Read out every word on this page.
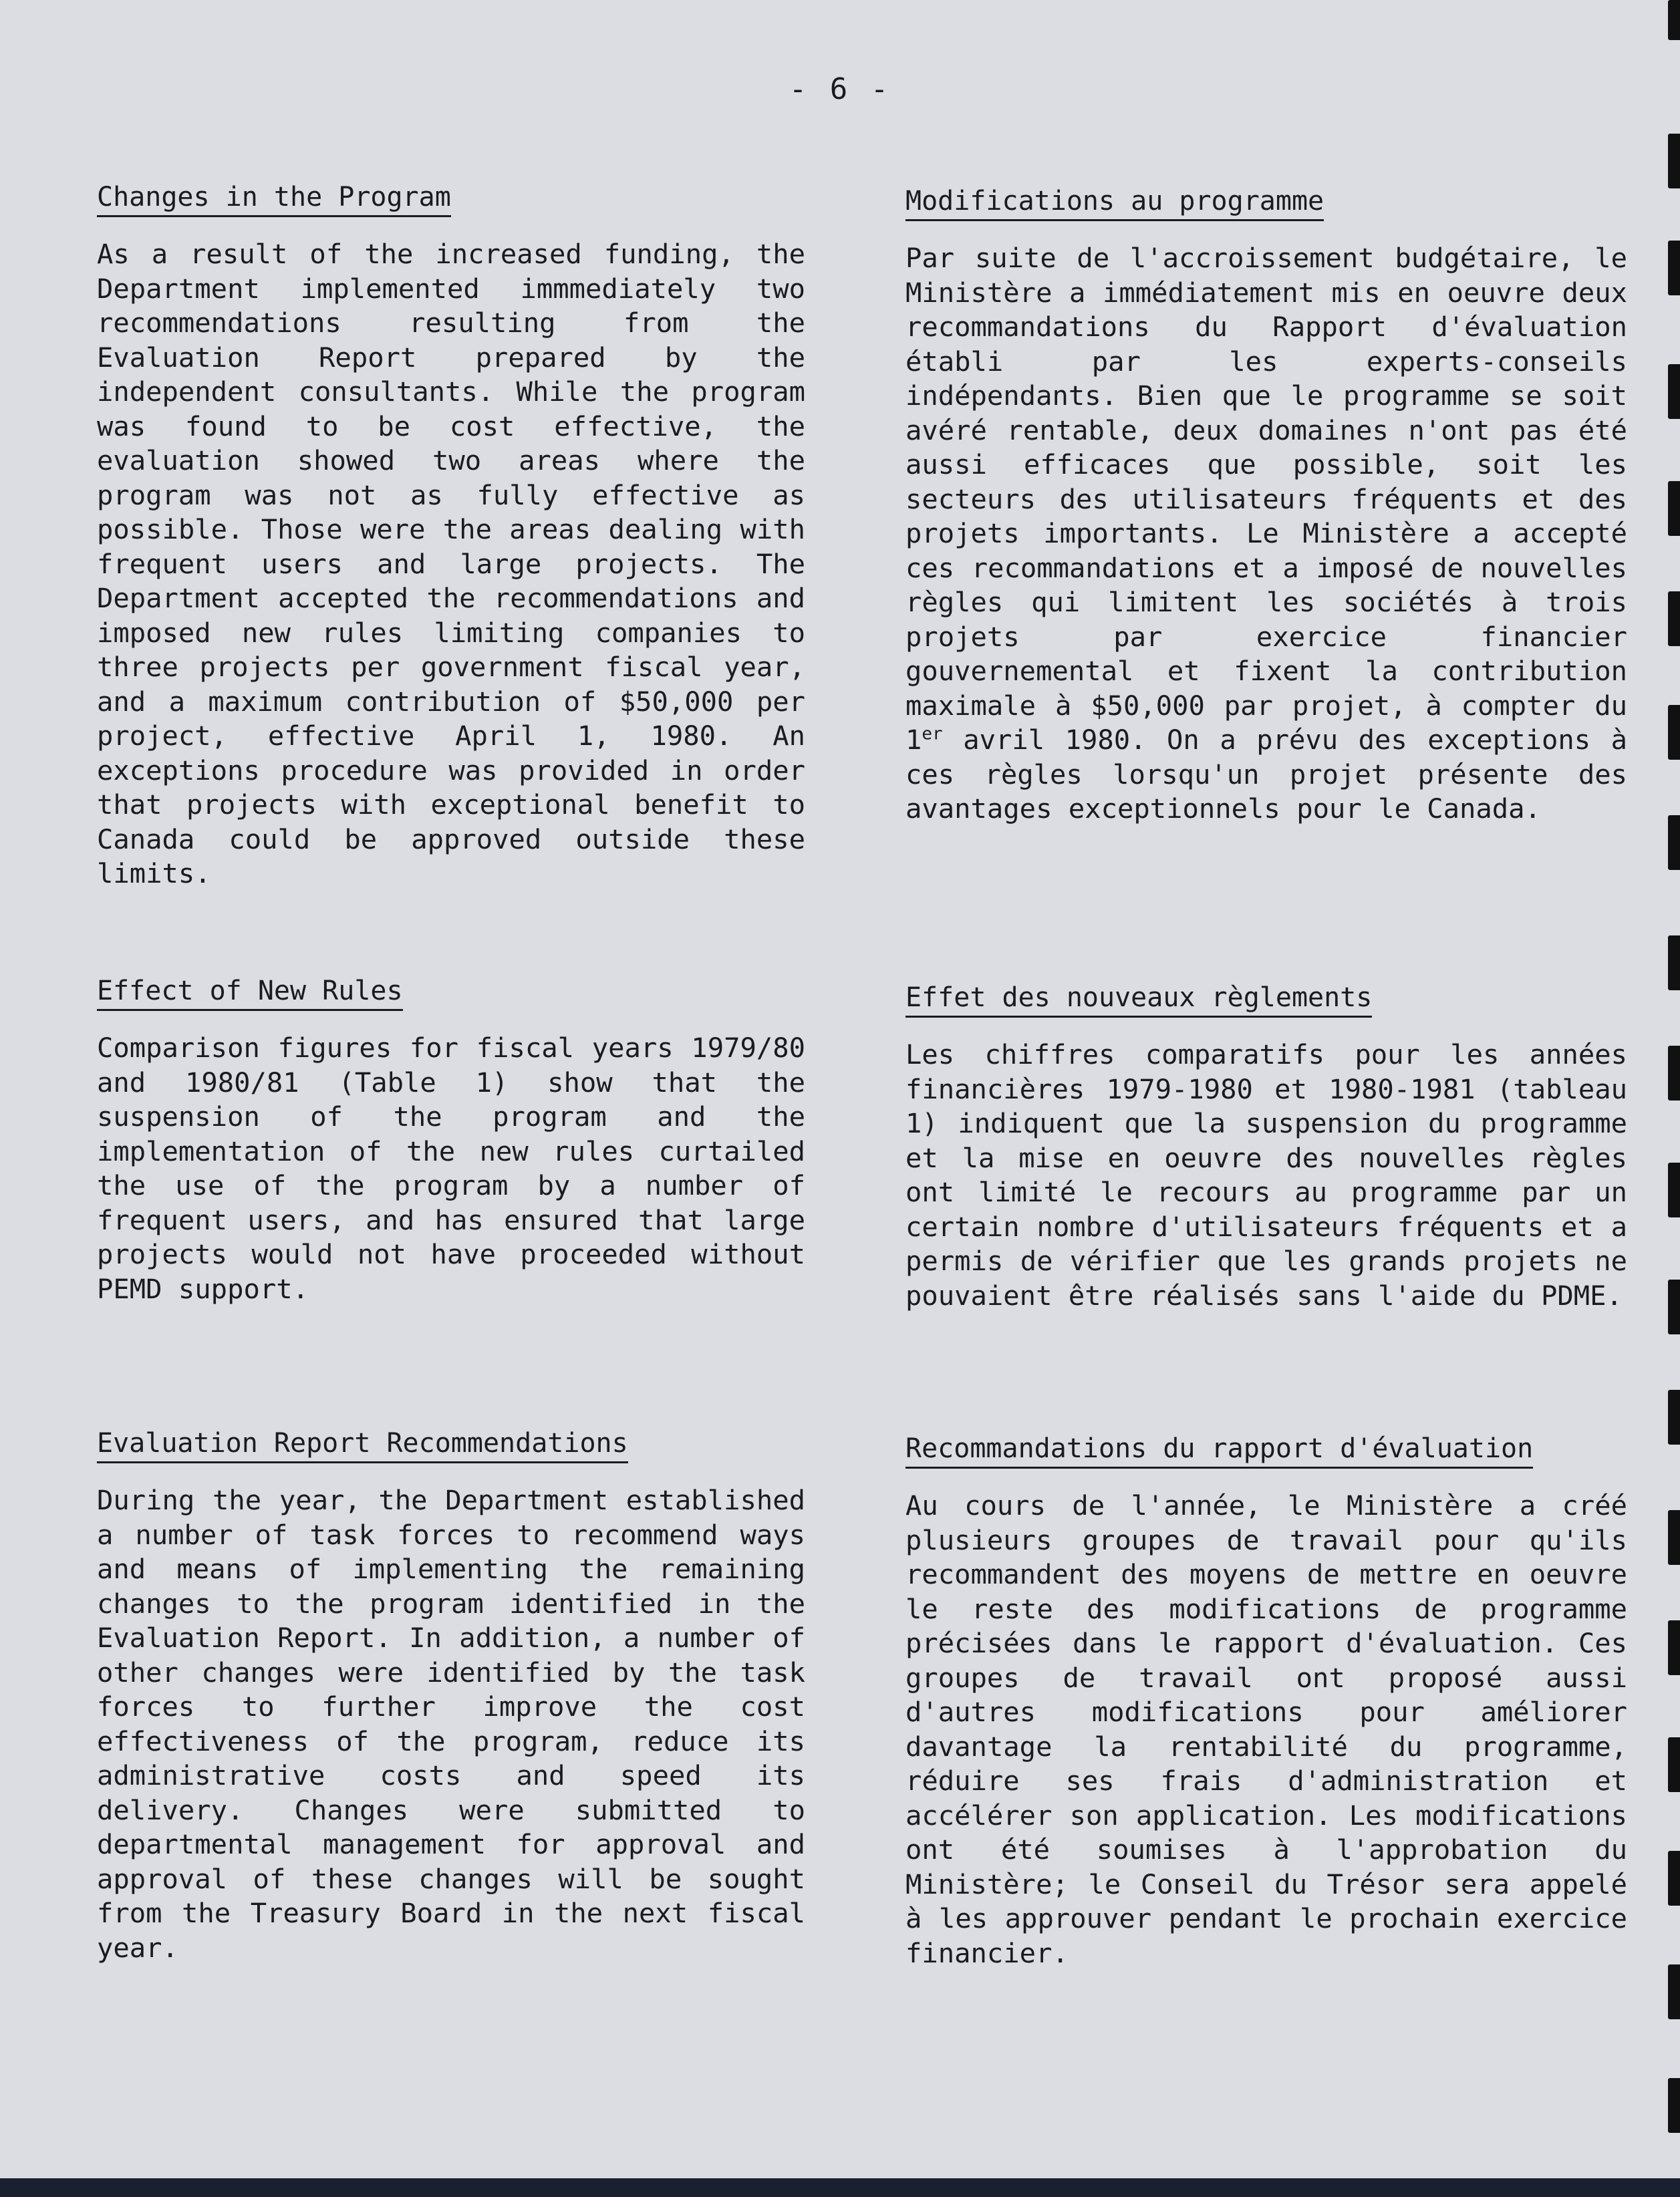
- 6 -
Changes in the Program

As a result of the increased funding, the Department implemented immmediately two recommendations resulting from the Evaluation Report prepared by the independent consultants. While the program was found to be cost effective, the evaluation showed two areas where the program was not as fully effective as possible. Those were the areas dealing with frequent users and large projects. The Department accepted the recommendations and imposed new rules limiting companies to three projects per government fiscal year, and a maximum contribution of $50,000 per project, effective April 1, 1980. An exceptions procedure was provided in order that projects with exceptional benefit to Canada could be approved outside these limits.

Effect of New Rules

Comparison figures for fiscal years 1979/80 and 1980/81 (Table 1) show that the suspension of the program and the implementation of the new rules curtailed the use of the program by a number of frequent users, and has ensured that large projects would not have proceeded without PEMD support.

Evaluation Report Recommendations

During the year, the Department established a number of task forces to recommend ways and means of implementing the remaining changes to the program identified in the Evaluation Report. In addition, a number of other changes were identified by the task forces to further improve the cost effectiveness of the program, reduce its administrative costs and speed its delivery. Changes were submitted to departmental management for approval and approval of these changes will be sought from the Treasury Board in the next fiscal year.

Modifications au programme

Par suite de l'accroissement budgétaire, le Ministère a immédiatement mis en oeuvre deux recommandations du Rapport d'évaluation établi par les experts-conseils indépendants. Bien que le programme se soit avéré rentable, deux domaines n'ont pas été aussi efficaces que possible, soit les secteurs des utilisateurs fréquents et des projets importants. Le Ministère a accepté ces recommandations et a imposé de nouvelles règles qui limitent les sociétés à trois projets par exercice financier gouvernemental et fixent la contribution maximale à $50,000 par projet, à compter du 1er avril 1980. On a prévu des exceptions à ces règles lorsqu'un projet présente des avantages exceptionnels pour le Canada.

Effet des nouveaux règlements

Les chiffres comparatifs pour les années financières 1979-1980 et 1980-1981 (tableau 1) indiquent que la suspension du programme et la mise en oeuvre des nouvelles règles ont limité le recours au programme par un certain nombre d'utilisateurs fréquents et a permis de vérifier que les grands projets ne pouvaient être réalisés sans l'aide du PDME.

Recommandations du rapport d'évaluation

Au cours de l'année, le Ministère a créé plusieurs groupes de travail pour qu'ils recommandent des moyens de mettre en oeuvre le reste des modifications de programme précisées dans le rapport d'évaluation. Ces groupes de travail ont proposé aussi d'autres modifications pour améliorer davantage la rentabilité du programme, réduire ses frais d'administration et accélérer son application. Les modifications ont été soumises à l'approbation du Ministère; le Conseil du Trésor sera appelé à les approuver pendant le prochain exercice financier.
